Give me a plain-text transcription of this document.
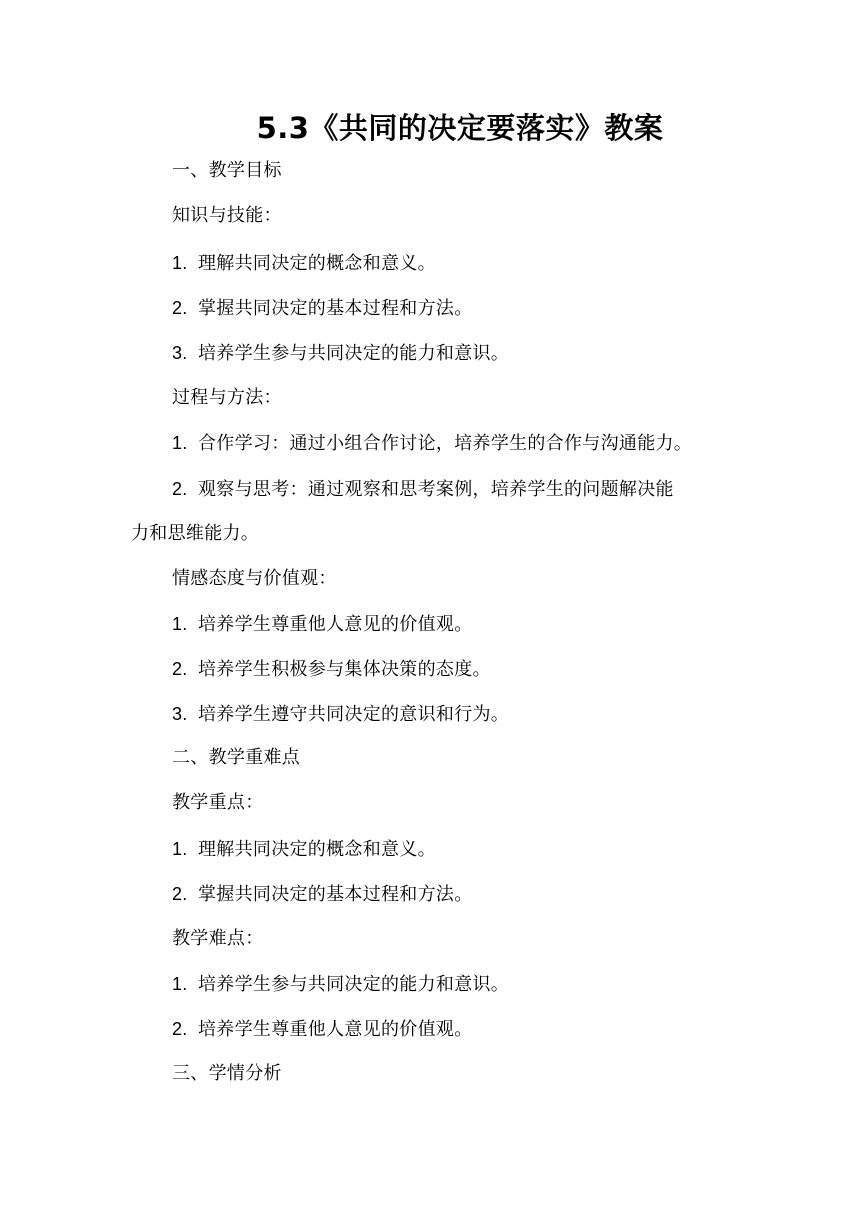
5.3《共同的决定要落实》教案
一、教学目标
知识与技能：
1. 理解共同决定的概念和意义。
2. 掌握共同决定的基本过程和方法。
3. 培养学生参与共同决定的能力和意识。
过程与方法：
1. 合作学习：通过小组合作讨论，培养学生的合作与沟通能力。
2. 观察与思考：通过观察和思考案例，培养学生的问题解决能
力和思维能力。
情感态度与价值观：
1. 培养学生尊重他人意见的价值观。
2. 培养学生积极参与集体决策的态度。
3. 培养学生遵守共同决定的意识和行为。
二、教学重难点
教学重点：
1. 理解共同决定的概念和意义。
2. 掌握共同决定的基本过程和方法。
教学难点：
1. 培养学生参与共同决定的能力和意识。
2. 培养学生尊重他人意见的价值观。
三、学情分析
